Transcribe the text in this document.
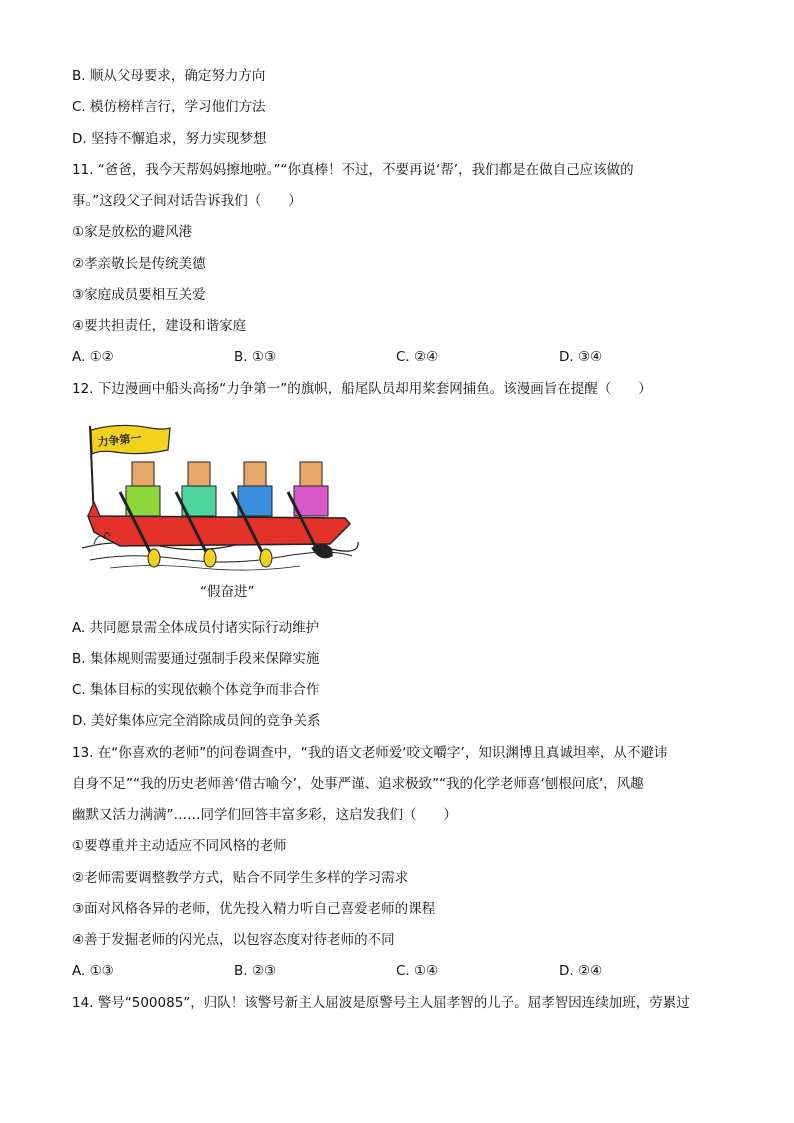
B. 顺从父母要求，确定努力方向
C. 模仿榜样言行，学习他们方法
D. 坚持不懈追求，努力实现梦想
11. “爸爸，我今天帮妈妈擦地啦。”“你真棒！不过，不要再说‘帮’，我们都是在做自己应该做的
事。”这段父子间对话告诉我们（　　）
①家是放松的避风港
②孝亲敬长是传统美德
③家庭成员要相互关爱
④要共担责任，建设和谐家庭
A. ①②	B. ①③	C. ②④	D. ③④
12. 下边漫画中船头高扬“力争第一”的旗帜，船尾队员却用桨套网捕鱼。该漫画旨在提醒（　　）
力争第一
“假奋进”
A. 共同愿景需全体成员付诸实际行动维护
B. 集体规则需要通过强制手段来保障实施
C. 集体目标的实现依赖个体竞争而非合作
D. 美好集体应完全消除成员间的竞争关系
13. 在“你喜欢的老师”的问卷调查中，“我的语文老师爱‘咬文嚼字’，知识渊博且真诚坦率，从不避讳
自身不足”“我的历史老师善‘借古喻今’，处事严谨、追求极致”“我的化学老师喜‘刨根问底’，风趣
幽默又活力满满”……同学们回答丰富多彩，这启发我们（　　）
①要尊重并主动适应不同风格的老师
②老师需要调整教学方式，贴合不同学生多样的学习需求
③面对风格各异的老师，优先投入精力听自己喜爱老师的课程
④善于发掘老师的闪光点，以包容态度对待老师的不同
A. ①③	B. ②③	C. ①④	D. ②④
14. 警号“500085”，归队！该警号新主人屈波是原警号主人屈孝智的儿子。屈孝智因连续加班，劳累过
